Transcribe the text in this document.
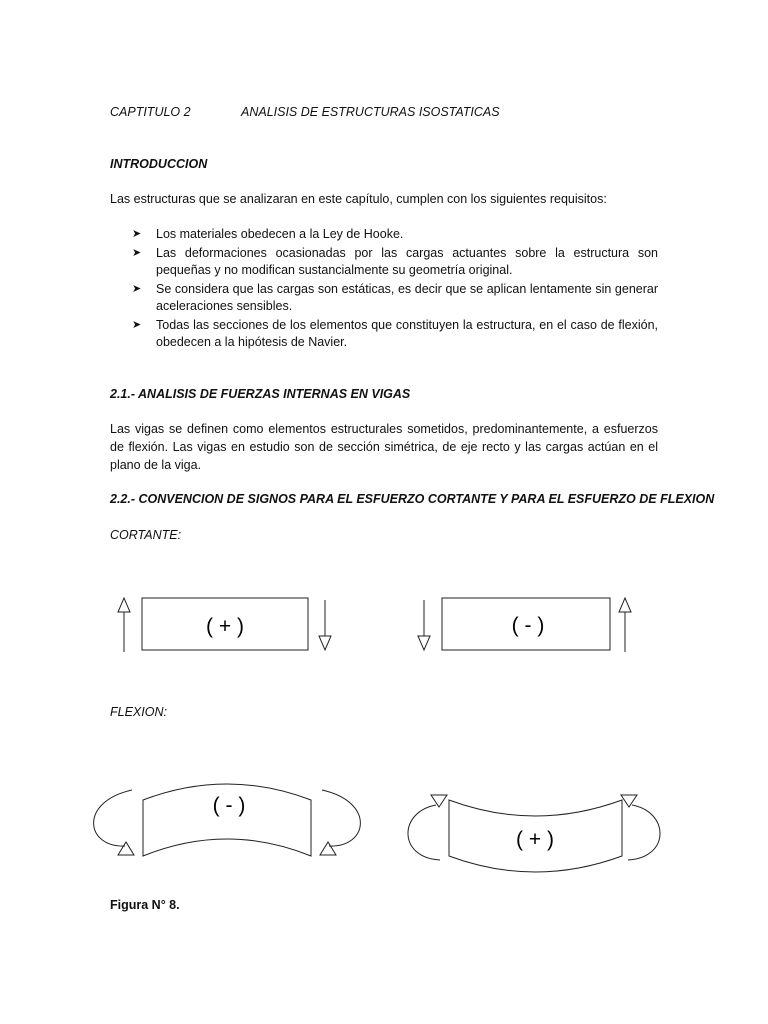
CAPTITULO 2	ANALISIS DE ESTRUCTURAS ISOSTATICAS
INTRODUCCION
Las estructuras que se analizaran en este capítulo, cumplen con los siguientes requisitos:
➤ Los materiales obedecen a la Ley de Hooke.
➤ Las deformaciones ocasionadas por las cargas actuantes sobre la estructura son pequeñas y no modifican sustancialmente su geometría original.
➤ Se considera que las cargas son estáticas, es decir que se aplican lentamente sin generar aceleraciones sensibles.
➤ Todas las secciones de los elementos que constituyen la estructura, en el caso de flexión, obedecen a la hipótesis de Navier.
2.1.- ANALISIS DE FUERZAS INTERNAS EN VIGAS
Las vigas se definen como elementos estructurales sometidos, predominantemente, a esfuerzos de flexión. Las vigas en estudio son de sección simétrica, de eje recto y las cargas actúan en el plano de la viga.
2.2.- CONVENCION DE SIGNOS PARA EL ESFUERZO CORTANTE Y PARA EL ESFUERZO DE FLEXION
CORTANTE:
FLEXION:
( + )	( - )
( - )
( + )
Figura N° 8.
